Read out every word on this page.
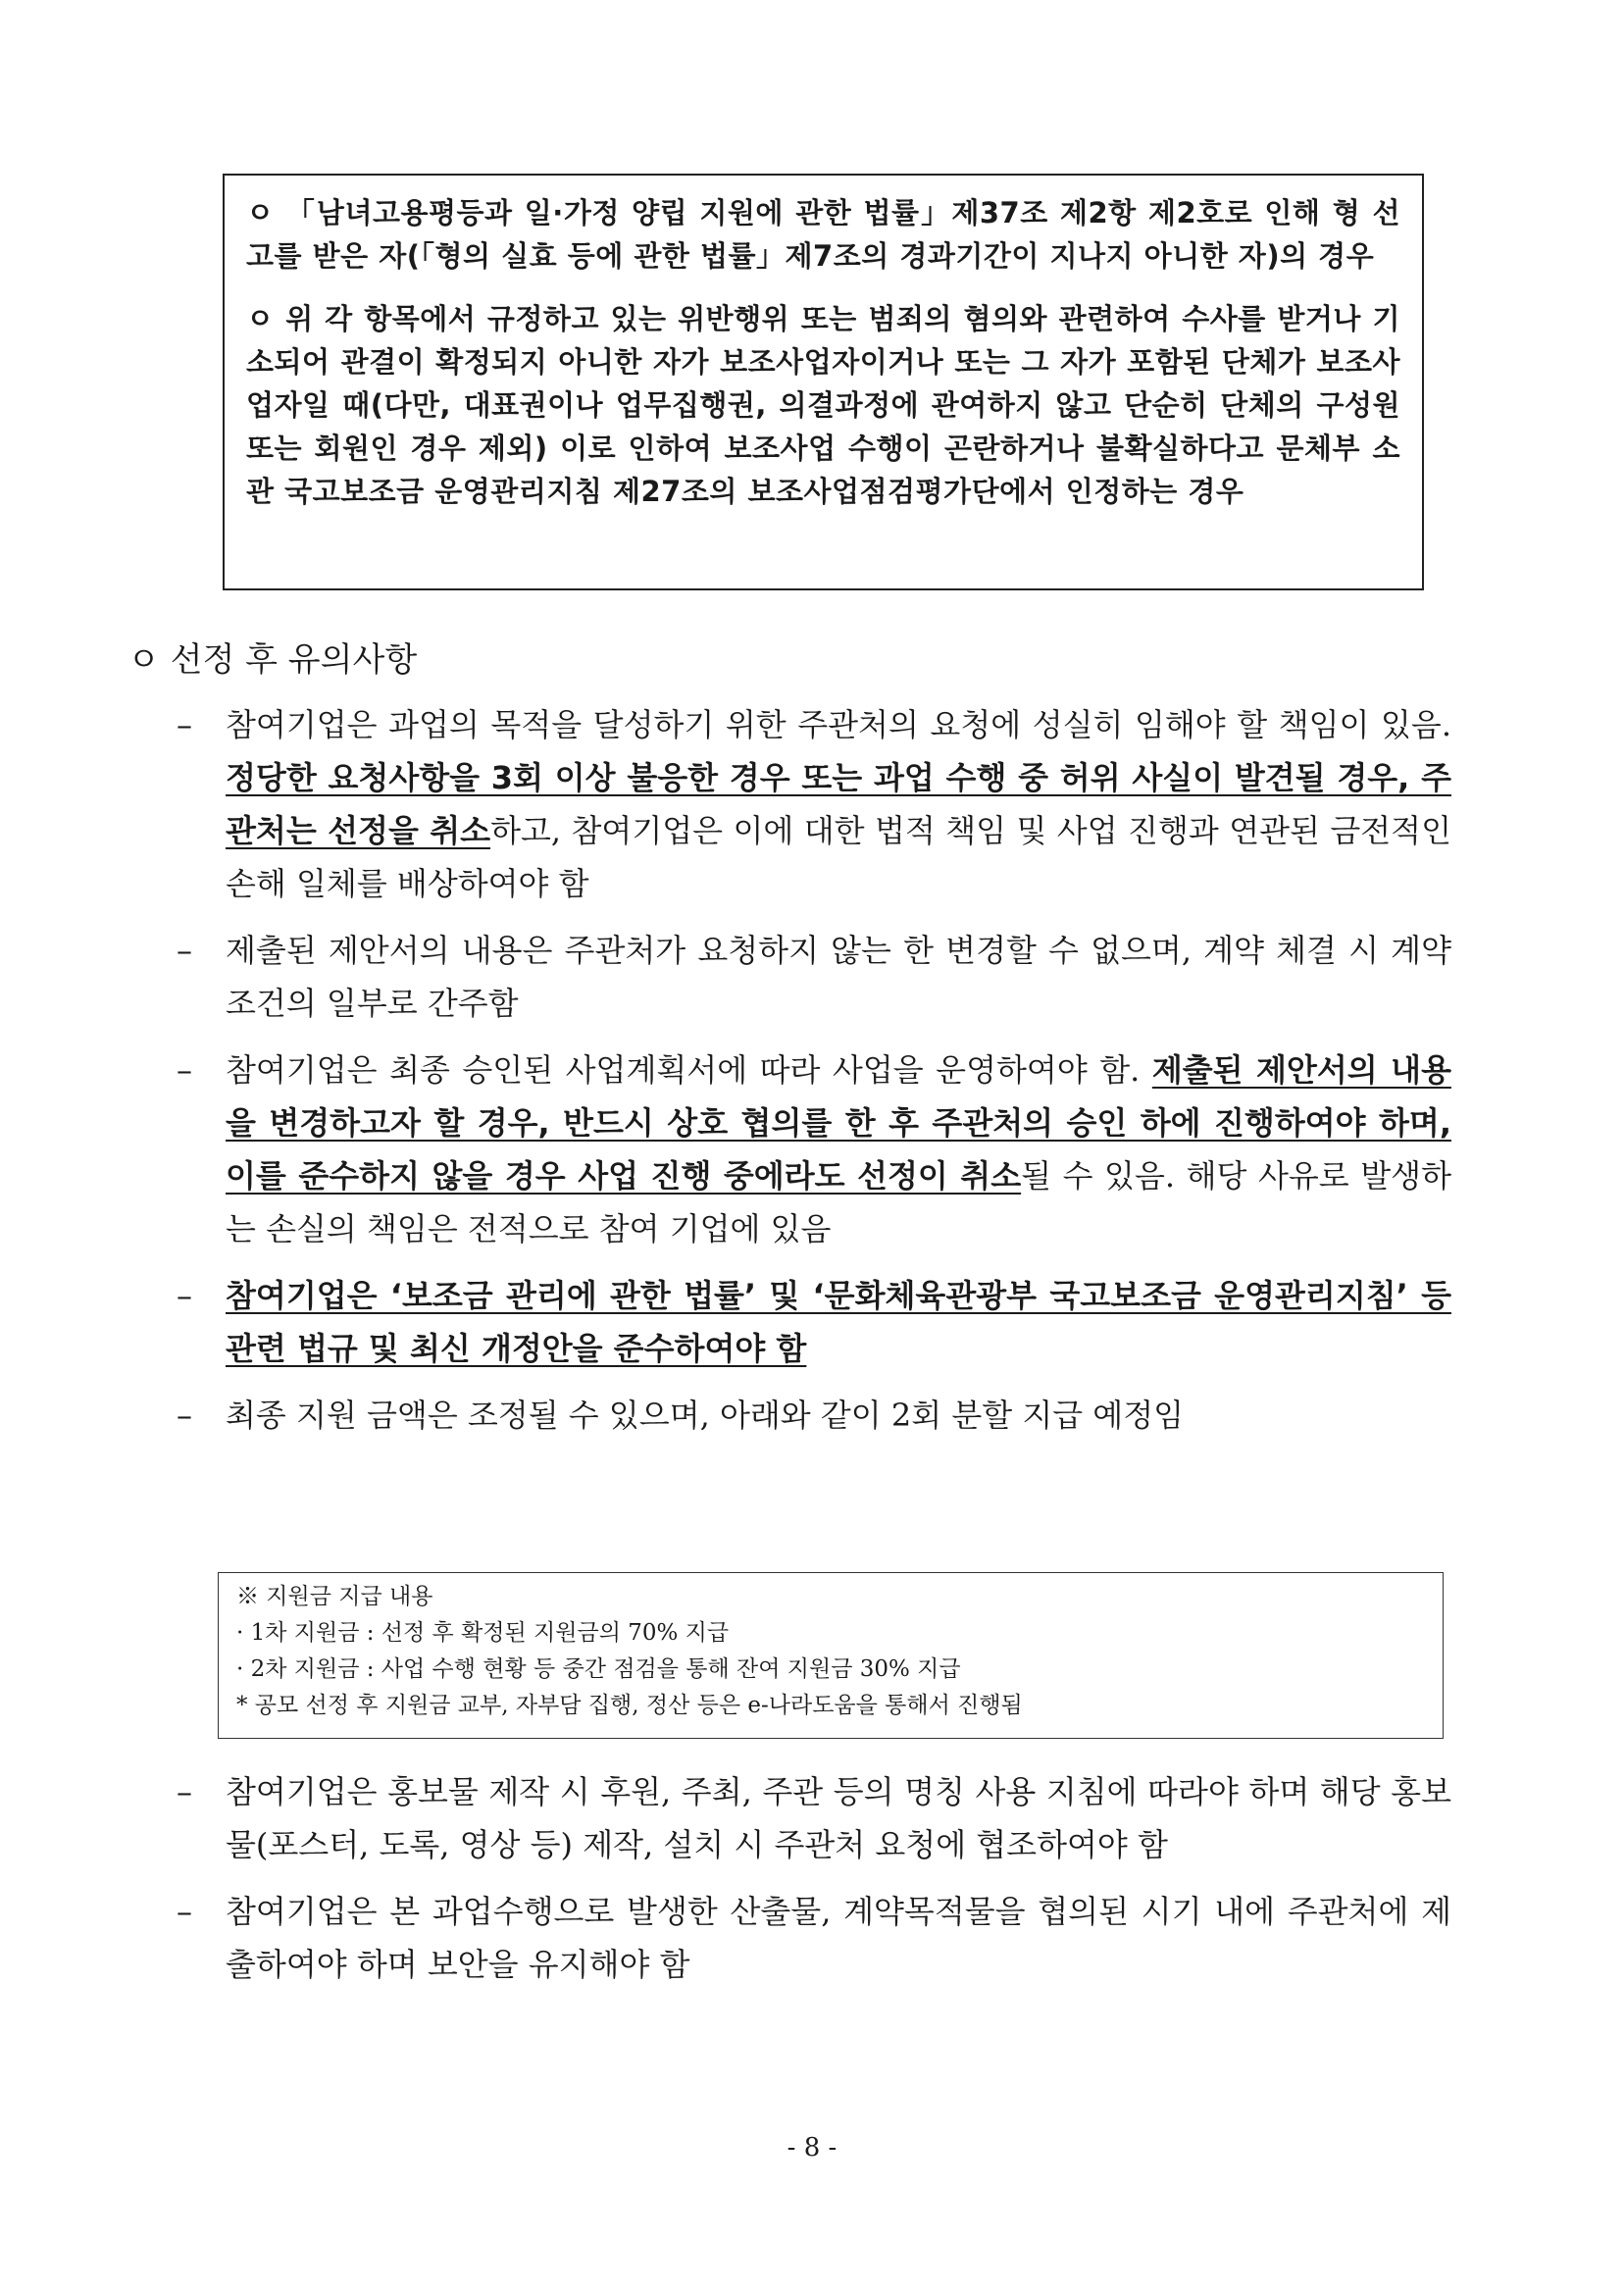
ㅇ 「남녀고용평등과 일·가정 양립 지원에 관한 법률」제37조 제2항 제2호로 인해 형 선고를 받은 자(「형의 실효 등에 관한 법률」제7조의 경과기간이 지나지 아니한 자)의 경우

ㅇ 위 각 항목에서 규정하고 있는 위반행위 또는 범죄의 혐의와 관련하여 수사를 받거나 기소되어 관결이 확정되지 아니한 자가 보조사업자이거나 또는 그 자가 포함된 단체가 보조사업자일 때(다만, 대표권이나 업무집행권, 의결과정에 관여하지 않고 단순히 단체의 구성원 또는 회원인 경우 제외) 이로 인하여 보조사업 수행이 곤란하거나 불확실하다고 문체부 소관 국고보조금 운영관리지침 제27조의 보조사업점검평가단에서 인정하는 경우

ㅇ 선정 후 유의사항
– 참여기업은 과업의 목적을 달성하기 위한 주관처의 요청에 성실히 임해야 할 책임이 있음. 정당한 요청사항을 3회 이상 불응한 경우 또는 과업 수행 중 허위 사실이 발견될 경우, 주관처는 선정을 취소하고, 참여기업은 이에 대한 법적 책임 및 사업 진행과 연관된 금전적인 손해 일체를 배상하여야 함
– 제출된 제안서의 내용은 주관처가 요청하지 않는 한 변경할 수 없으며, 계약 체결 시 계약 조건의 일부로 간주함
– 참여기업은 최종 승인된 사업계획서에 따라 사업을 운영하여야 함. 제출된 제안서의 내용을 변경하고자 할 경우, 반드시 상호 협의를 한 후 주관처의 승인 하에 진행하여야 하며, 이를 준수하지 않을 경우 사업 진행 중에라도 선정이 취소될 수 있음. 해당 사유로 발생하는 손실의 책임은 전적으로 참여 기업에 있음
– 참여기업은 ‘보조금 관리에 관한 법률’ 및 ‘문화체육관광부 국고보조금 운영관리지침’ 등 관련 법규 및 최신 개정안을 준수하여야 함
– 최종 지원 금액은 조정될 수 있으며, 아래와 같이 2회 분할 지급 예정임
※ 지원금 지급 내용
· 1차 지원금 : 선정 후 확정된 지원금의 70% 지급
· 2차 지원금 : 사업 수행 현황 등 중간 점검을 통해 잔여 지원금 30% 지급
* 공모 선정 후 지원금 교부, 자부담 집행, 정산 등은 e-나라도움을 통해서 진행됨
– 참여기업은 홍보물 제작 시 후원, 주최, 주관 등의 명칭 사용 지침에 따라야 하며 해당 홍보물(포스터, 도록, 영상 등) 제작, 설치 시 주관처 요청에 협조하여야 함
– 참여기업은 본 과업수행으로 발생한 산출물, 계약목적물을 협의된 시기 내에 주관처에 제출하여야 하며 보안을 유지해야 함
- 8 -
